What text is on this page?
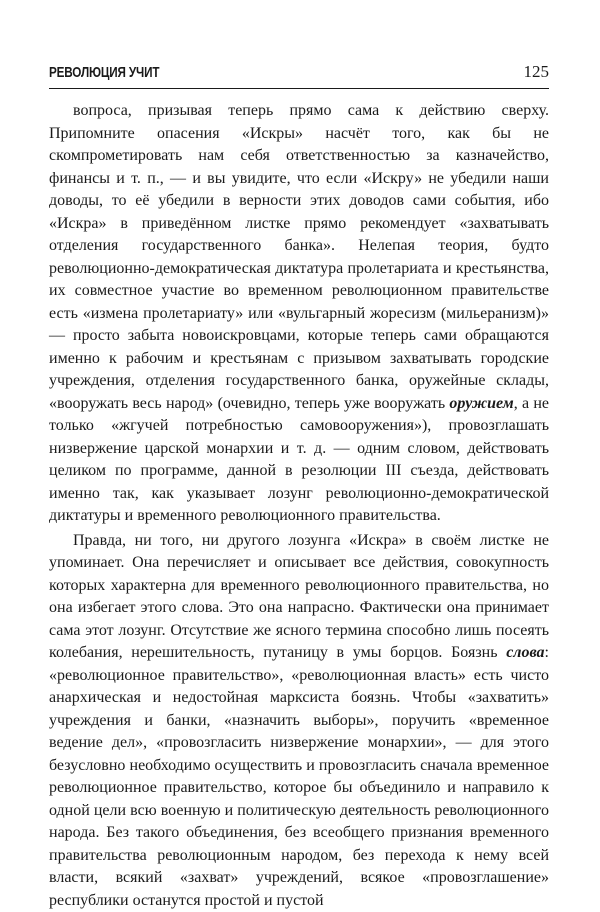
РЕВОЛЮЦИЯ УЧИТ	125

вопроса, призывая теперь прямо сама к действию сверху. Припомните опасения «Искры» насчёт того, как бы не скомпрометировать нам себя ответственностью за казначейство, финансы и т. п., — и вы увидите, что если «Искру» не убедили наши доводы, то её убедили в верности этих доводов сами события, ибо «Искра» в приведённом листке прямо рекомендует «захватывать отделения государственного банка». Нелепая теория, будто революционно-демократическая диктатура пролетариата и крестьянства, их совместное участие во временном революционном правительстве есть «измена пролетариату» или «вульгарный жоресизм (мильеранизм)» — просто забыта новоискровцами, которые теперь сами обращаются именно к рабочим и крестьянам с призывом захватывать городские учреждения, отделения государственного банка, оружейные склады, «вооружать весь народ» (очевидно, теперь уже вооружать оружием, а не только «жгучей потребностью самовооружения»), провозглашать низвержение царской монархии и т. д. — одним словом, действовать целиком по программе, данной в резолюции III съезда, действовать именно так, как указывает лозунг революционно-демократической диктатуры и временного революционного правительства.

Правда, ни того, ни другого лозунга «Искра» в своём листке не упоминает. Она перечисляет и описывает все действия, совокупность которых характерна для временного революционного правительства, но она избегает этого слова. Это она напрасно. Фактически она принимает сама этот лозунг. Отсутствие же ясного термина способно лишь посеять колебания, нерешительность, путаницу в умы борцов. Боязнь слова: «революционное правительство», «революционная власть» есть чисто анархическая и недостойная марксиста боязнь. Чтобы «захватить» учреждения и банки, «назначить выборы», поручить «временное ведение дел», «провозгласить низвержение монархии», — для этого безусловно необходимо осуществить и провозгласить сначала временное революционное правительство, которое бы объединило и направило к одной цели всю военную и политическую деятельность революционного народа. Без такого объединения, без всеобщего признания временного правительства революционным народом, без перехода к нему всей власти, всякий «захват» учреждений, всякое «провозглашение» республики останутся простой и пустой
